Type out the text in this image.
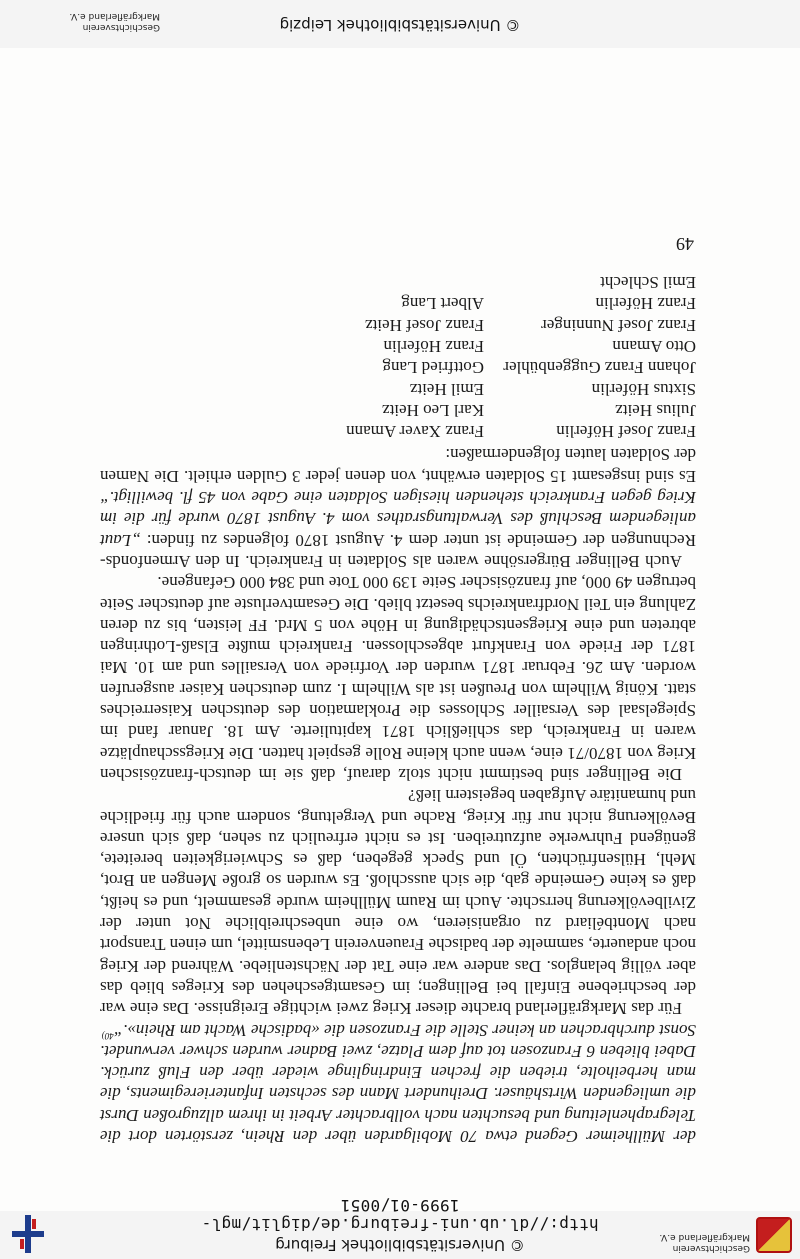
Geschichtsverein Markgräflerland e.V.
© Universitätsbibliothek Freiburg
http://dl.ub.uni-freiburg.de/diglit/mgl-1999-01/0051

der Müllheimer Gegend etwa 70 Mobilgarden über den Rhein, zerstörten dort die Telegraphenleitung und besuchten nach vollbrachter Arbeit in ihrem allzugroßen Durst die umliegenden Wirtshäuser. Dreihundert Mann des sechsten Infanterieregiments, die man herbeiholte, trieben die frechen Eindringlinge wieder über den Fluß zurück. Dabei blieben 6 Franzosen tot auf dem Platze, zwei Badner wurden schwer verwundet. Sonst durchbrachen an keiner Stelle die Franzosen die «badische Wacht am Rhein».“$^{40)}$

Für das Markgräflerland brachte dieser Krieg zwei wichtige Ereignisse. Das eine war der beschriebene Einfall bei Bellingen; im Gesamtgeschehen des Krieges blieb das aber völlig belanglos. Das andere war eine Tat der Nächstenliebe. Während der Krieg noch andauerte, sammelte der badische Frauenverein Lebensmittel, um einen Transport nach Montbéliard zu organisieren, wo eine unbeschreibliche Not unter der Zivilbevölkerung herrschte. Auch im Raum Müllheim wurde gesammelt, und es heißt, daß es keine Gemeinde gab, die sich ausschloß. Es wurden so große Mengen an Brot, Mehl, Hülsenfrüchten, Öl und Speck gegeben, daß es Schwierigkeiten bereitete, genügend Fuhrwerke aufzutreiben. Ist es nicht erfreulich zu sehen, daß sich unsere Bevölkerung nicht nur für Krieg, Rache und Vergeltung, sondern auch für friedliche und humanitäre Aufgaben begeistern ließ?

Die Bellinger sind bestimmt nicht stolz darauf, daß sie im deutsch-französischen Krieg von 1870/71 eine, wenn auch kleine Rolle gespielt hatten. Die Kriegsschauplätze waren in Frankreich, das schließlich 1871 kapitulierte. Am 18. Januar fand im Spiegelsaal des Versailler Schlosses die Proklamation des deutschen Kaiserreiches statt. König Wilhelm von Preußen ist als Wilhelm I. zum deutschen Kaiser ausgerufen worden. Am 26. Februar 1871 wurden der Vorfriede von Versailles und am 10. Mai 1871 der Friede von Frankfurt abgeschlossen. Frankreich mußte Elsaß-Lothringen abtreten und eine Kriegsentschädigung in Höhe von 5 Mrd. FF leisten, bis zu deren Zahlung ein Teil Nordfrankreichs besetzt blieb. Die Gesamtverluste auf deutscher Seite betrugen 49 000, auf französischer Seite 139 000 Tote und 384 000 Gefangene.

Auch Bellinger Bürgersöhne waren als Soldaten in Frankreich. In den Armenfonds-Rechnungen der Gemeinde ist unter dem 4. August 1870 folgendes zu finden: „Laut anliegendem Beschluß des Verwaltungsrathes vom 4. August 1870 wurde für die im Krieg gegen Frankreich stehenden hiesigen Soldaten eine Gabe von 45 fl. bewilligt.“ Es sind insgesamt 15 Soldaten erwähnt, von denen jeder 3 Gulden erhielt. Die Namen der Soldaten lauten folgendermaßen:

Franz Josef Höferlin
Franz Xaver Amann
Julius Heitz
Karl Leo Heitz
Sixtus Höferlin
Emil Heitz
Johann Franz Guggenbühler
Gottfried Lang
Otto Amann
Franz Höferlin
Franz Josef Nunninger
Franz Josef Heitz
Franz Höferlin
Albert Lang
Emil Schlecht
49
© Universitätsbibliothek Leipzig
Geschichtsverein Markgräflerland e.V.
